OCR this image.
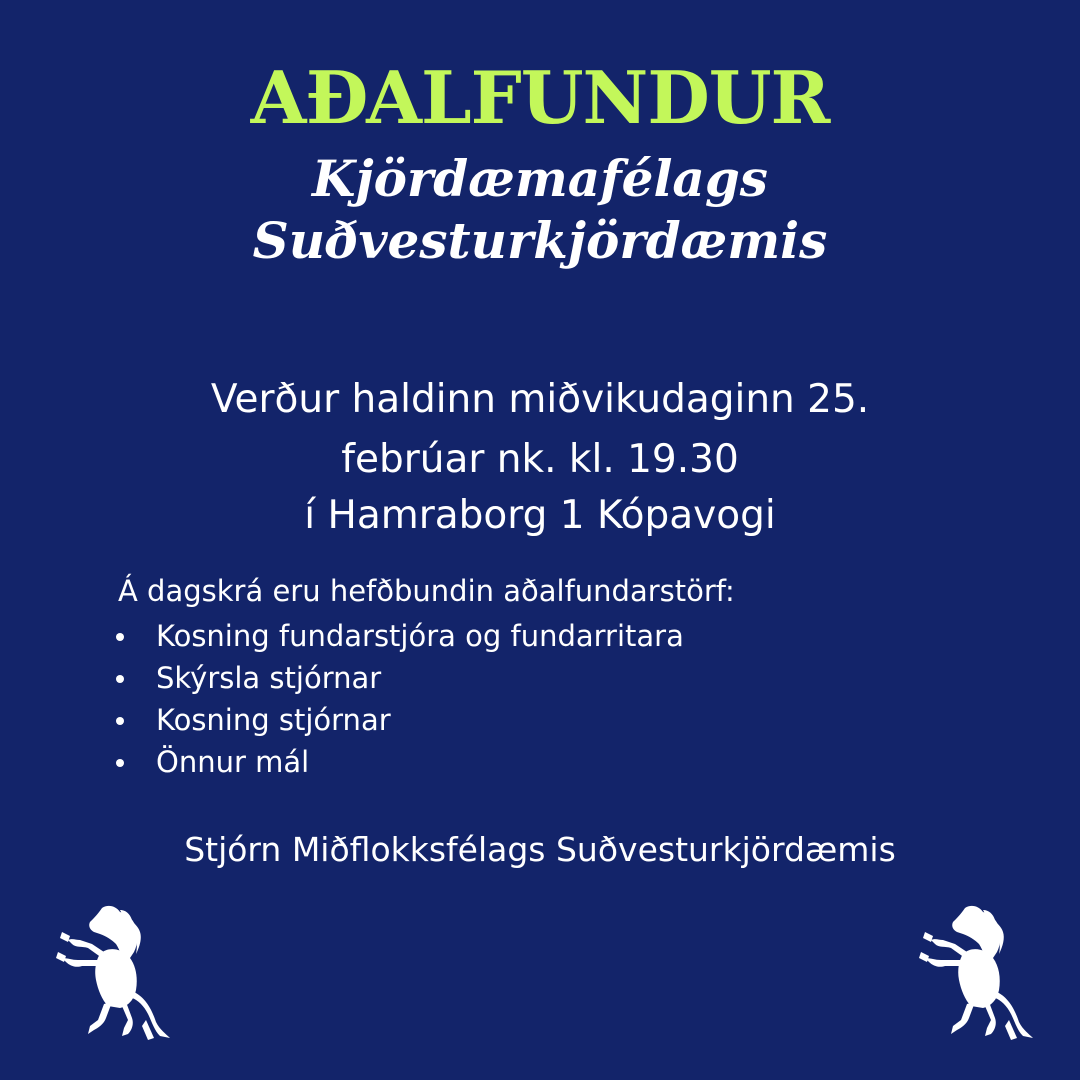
AÐALFUNDUR
Kjördæmafélags
Suðvesturkjördæmis
Verður haldinn miðvikudaginn 25.
febrúar nk. kl. 19.30
í Hamraborg 1 Kópavogi
Á dagskrá eru hefðbundin aðalfundarstörf:
Kosning fundarstjóra og fundarritara
Skýrsla stjórnar
Kosning stjórnar
Önnur mál
Stjórn Miðflokksfélags Suðvesturkjördæmis
